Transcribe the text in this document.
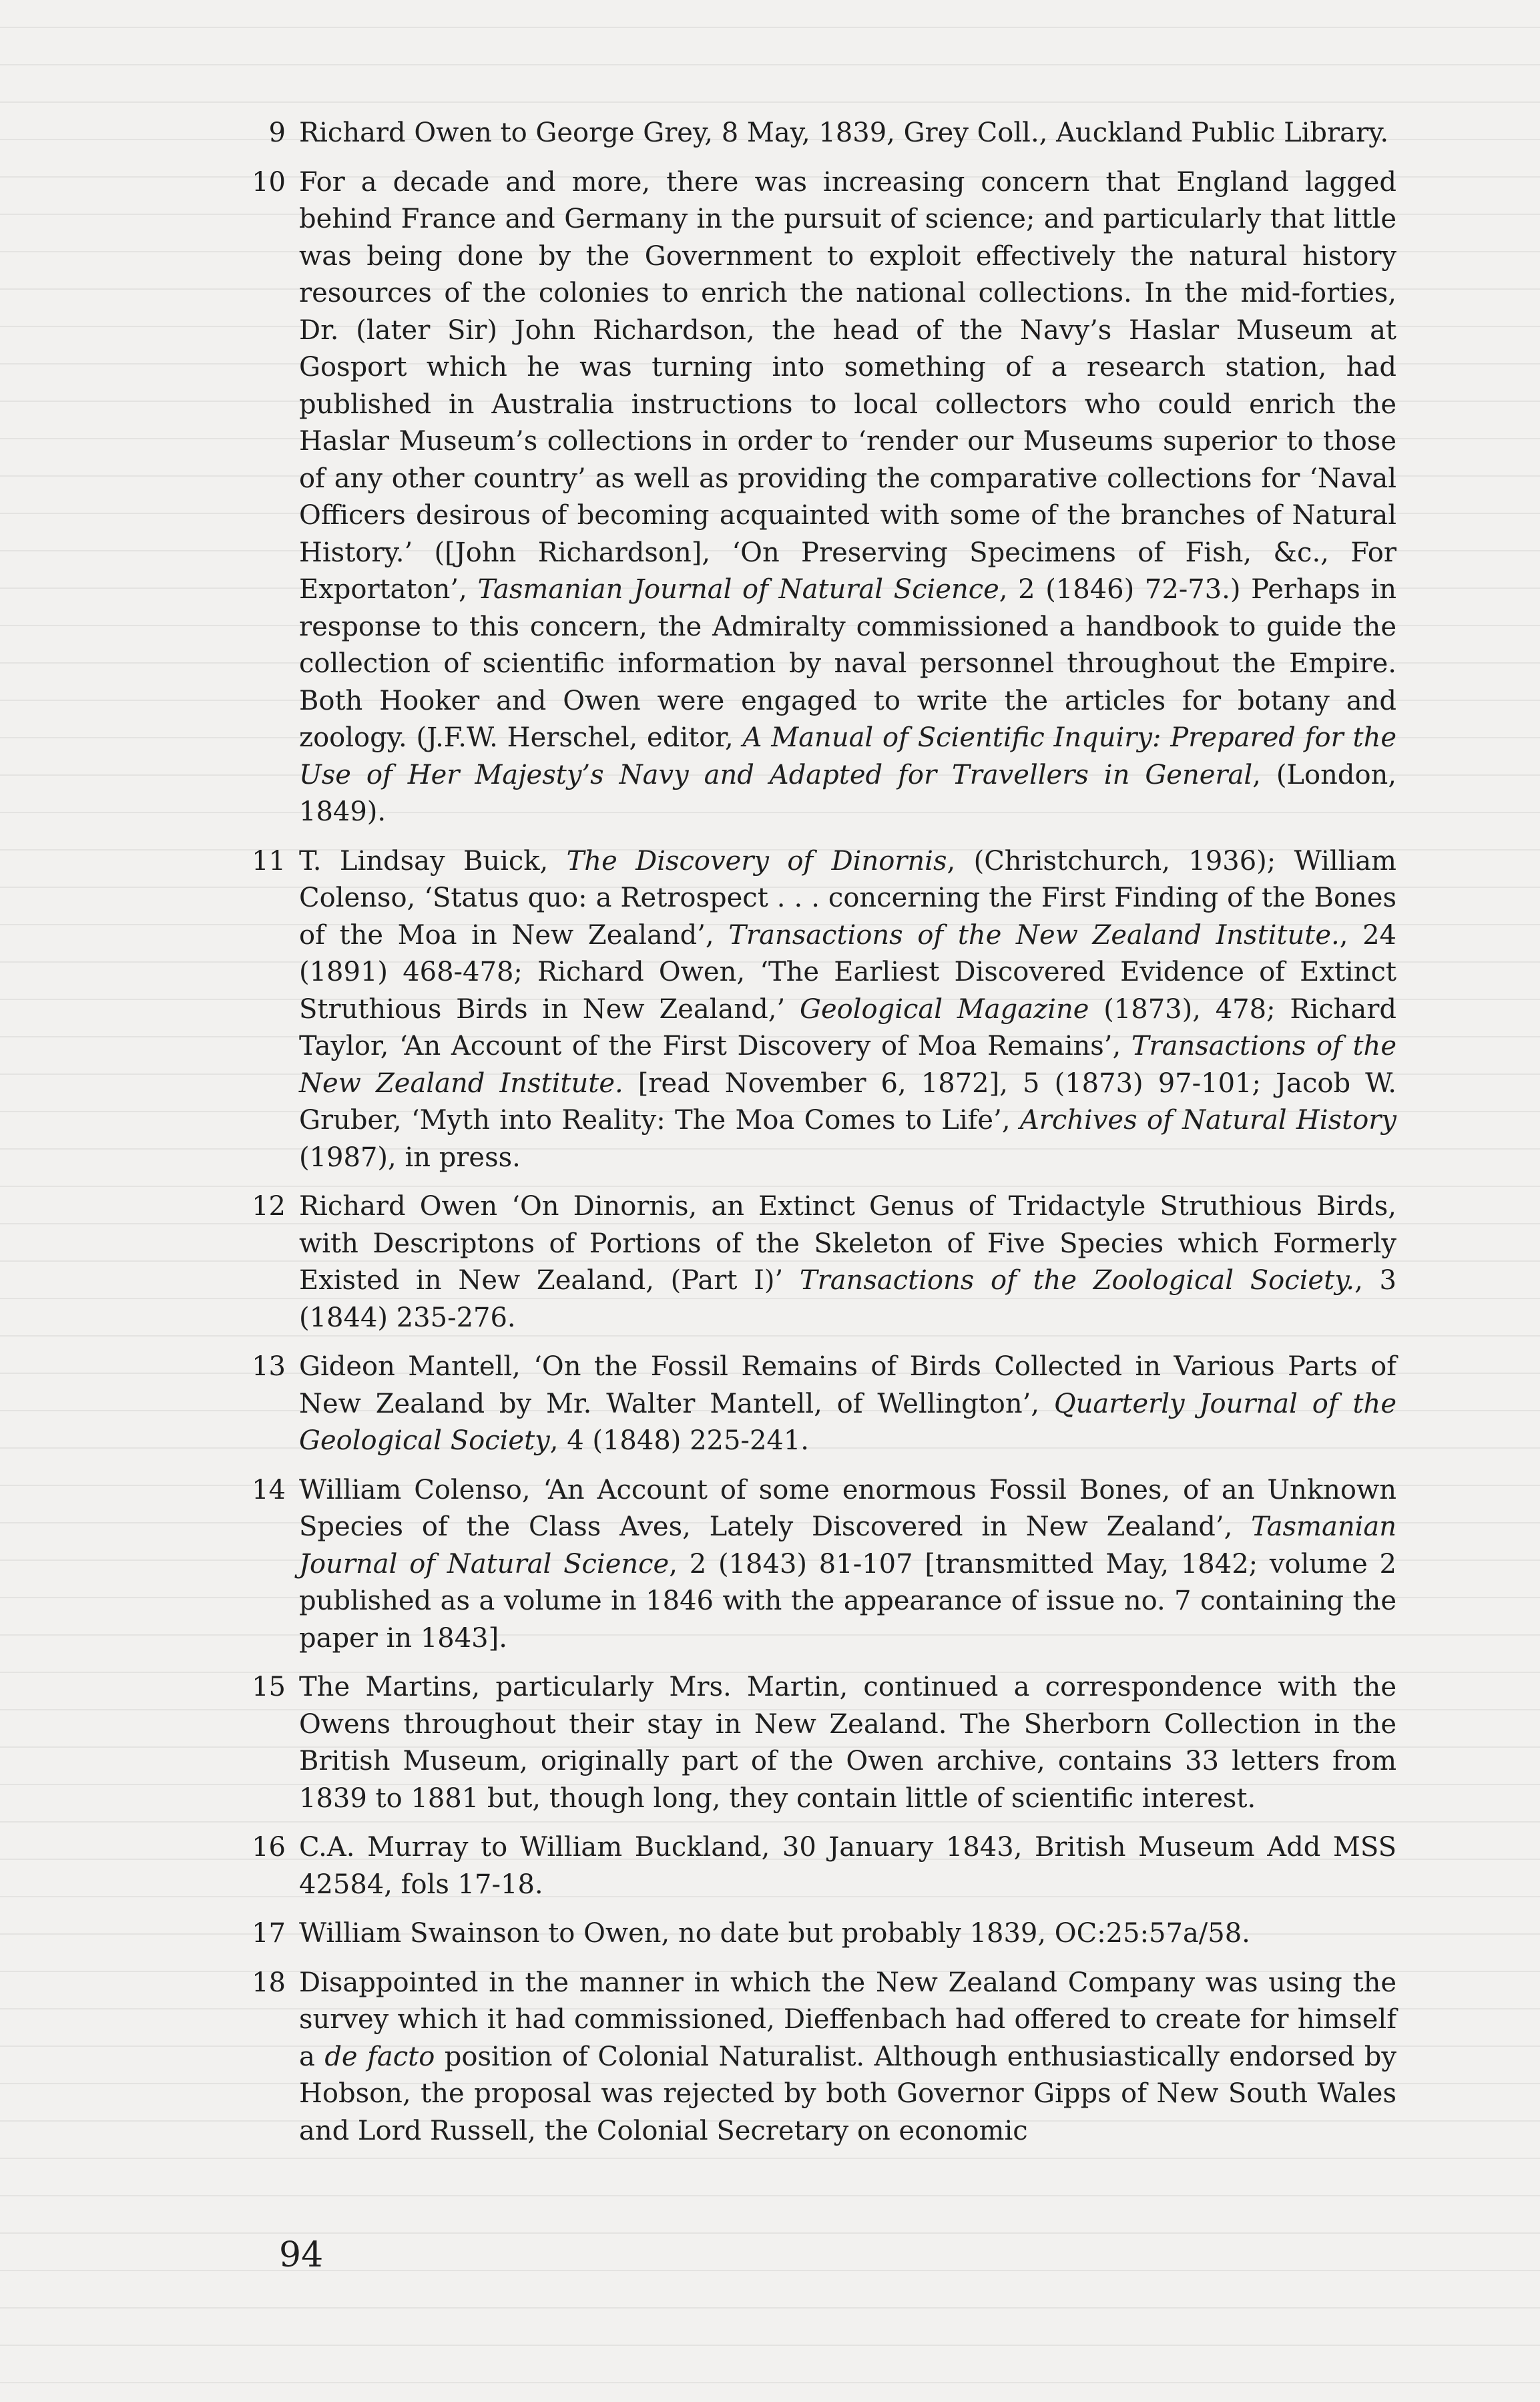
9 Richard Owen to George Grey, 8 May, 1839, Grey Coll., Auckland Public Library.
10 For a decade and more, there was increasing concern that England lagged behind France and Germany in the pursuit of science; and particularly that little was being done by the Government to exploit effectively the natural history resources of the colonies to enrich the national collections. In the mid-forties, Dr. (later Sir) John Richardson, the head of the Navy’s Haslar Museum at Gosport which he was turning into something of a research station, had published in Australia instructions to local collectors who could enrich the Haslar Museum’s collections in order to ‘render our Museums superior to those of any other country’ as well as providing the comparative collections for ‘Naval Officers desirous of becoming acquainted with some of the branches of Natural History.’ ([John Richardson], ‘On Preserving Specimens of Fish, &c., For Exportaton’, Tasmanian Journal of Natural Science, 2 (1846) 72-73.) Perhaps in response to this concern, the Admiralty commissioned a handbook to guide the collection of scientific information by naval personnel throughout the Empire. Both Hooker and Owen were engaged to write the articles for botany and zoology. (J.F.W. Herschel, editor, A Manual of Scientific Inquiry: Prepared for the Use of Her Majesty’s Navy and Adapted for Travellers in General, (London, 1849).
11 T. Lindsay Buick, The Discovery of Dinornis, (Christchurch, 1936); William Colenso, ‘Status quo: a Retrospect . . . concerning the First Finding of the Bones of the Moa in New Zealand’, Transactions of the New Zealand Institute., 24 (1891) 468-478; Richard Owen, ‘The Earliest Discovered Evidence of Extinct Struthious Birds in New Zealand,’ Geological Magazine (1873), 478; Richard Taylor, ‘An Account of the First Discovery of Moa Remains’, Transactions of the New Zealand Institute. [read November 6, 1872], 5 (1873) 97-101; Jacob W. Gruber, ‘Myth into Reality: The Moa Comes to Life’, Archives of Natural History (1987), in press.
12 Richard Owen ‘On Dinornis, an Extinct Genus of Tridactyle Struthious Birds, with Descriptons of Portions of the Skeleton of Five Species which Formerly Existed in New Zealand, (Part I)’ Transactions of the Zoological Society., 3 (1844) 235-276.
13 Gideon Mantell, ‘On the Fossil Remains of Birds Collected in Various Parts of New Zealand by Mr. Walter Mantell, of Wellington’, Quarterly Journal of the Geological Society, 4 (1848) 225-241.
14 William Colenso, ‘An Account of some enormous Fossil Bones, of an Unknown Species of the Class Aves, Lately Discovered in New Zealand’, Tasmanian Journal of Natural Science, 2 (1843) 81-107 [transmitted May, 1842; volume 2 published as a volume in 1846 with the appearance of issue no. 7 containing the paper in 1843].
15 The Martins, particularly Mrs. Martin, continued a correspondence with the Owens throughout their stay in New Zealand. The Sherborn Collection in the British Museum, originally part of the Owen archive, contains 33 letters from 1839 to 1881 but, though long, they contain little of scientific interest.
16 C.A. Murray to William Buckland, 30 January 1843, British Museum Add MSS 42584, fols 17-18.
17 William Swainson to Owen, no date but probably 1839, OC:25:57a/58.
18 Disappointed in the manner in which the New Zealand Company was using the survey which it had commissioned, Dieffenbach had offered to create for himself a de facto position of Colonial Naturalist. Although enthusiastically endorsed by Hobson, the proposal was rejected by both Governor Gipps of New South Wales and Lord Russell, the Colonial Secretary on economic
94
